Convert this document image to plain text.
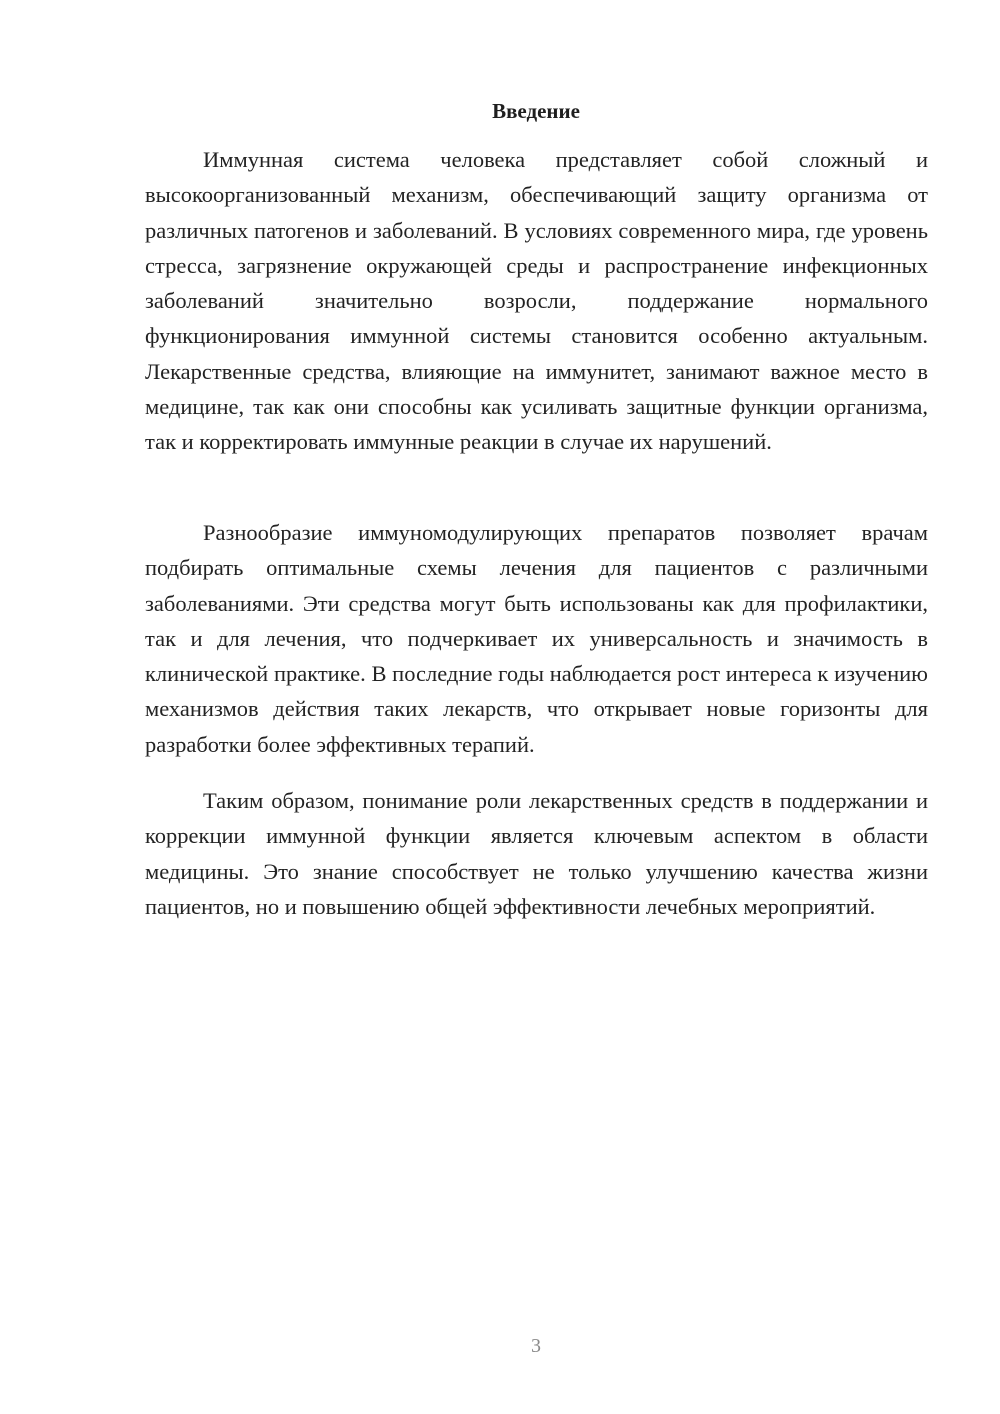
Введение

Иммунная система человека представляет собой сложный и высокоорганизованный механизм, обеспечивающий защиту организма от различных патогенов и заболеваний. В условиях современного мира, где уровень стресса, загрязнение окружающей среды и распространение инфекционных заболеваний значительно возросли, поддержание нормального функционирования иммунной системы становится особенно актуальным. Лекарственные средства, влияющие на иммунитет, занимают важное место в медицине, так как они способны как усиливать защитные функции организма, так и корректировать иммунные реакции в случае их нарушений.

Разнообразие иммуномодулирующих препаратов позволяет врачам подбирать оптимальные схемы лечения для пациентов с различными заболеваниями. Эти средства могут быть использованы как для профилактики, так и для лечения, что подчеркивает их универсальность и значимость в клинической практике. В последние годы наблюдается рост интереса к изучению механизмов действия таких лекарств, что открывает новые горизонты для разработки более эффективных терапий.

Таким образом, понимание роли лекарственных средств в поддержании и коррекции иммунной функции является ключевым аспектом в области медицины. Это знание способствует не только улучшению качества жизни пациентов, но и повышению общей эффективности лечебных мероприятий.

3
